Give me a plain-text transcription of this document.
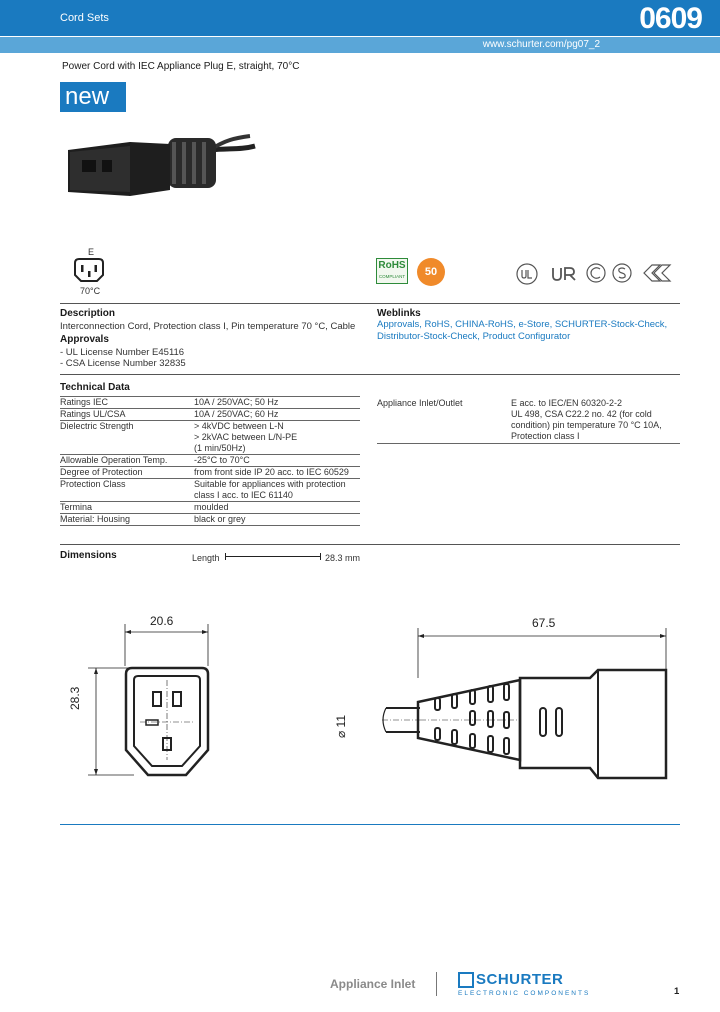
Cord Sets	0609
www.schurter.com/pg07_2
Power Cord with IEC Appliance Plug E, straight, 70°C
new
E
70°C
RoHS
COMPLIANT	50
Description
Interconnection Cord, Protection class I, Pin temperature 70 °C, Cable
Approvals
- UL License Number E45116
- CSA License Number 32835
Weblinks
Approvals, RoHS, CHINA-RoHS, e-Store, SCHURTER-Stock-Check,
Distributor-Stock-Check, Product Configurator
Technical Data
Ratings IEC	10A / 250VAC; 50 Hz
Ratings UL/CSA	10A / 250VAC; 60 Hz
Dielectric Strength	> 4kVDC between L-N
> 2kVAC between L/N-PE
(1 min/50Hz)

Allowable Operation Temp.	-25°C to 70°C
Degree of Protection	from front side IP 20 acc. to IEC 60529
Protection Class	Suitable for appliances with protection
class I acc. to IEC 61140

Termina	moulded
Material: Housing	black or grey
Appliance Inlet/Outlet	E acc. to IEC/EN 60320-2-2
UL 498, CSA C22.2 no. 42 (for cold
condition) pin temperature 70 °C 10A,
Protection class I
Dimensions	Length	28.3 mm
20.6
28.3
67.5
⌀ 11
Appliance Inlet	SCHURTER
ELECTRONIC COMPONENTS	1
